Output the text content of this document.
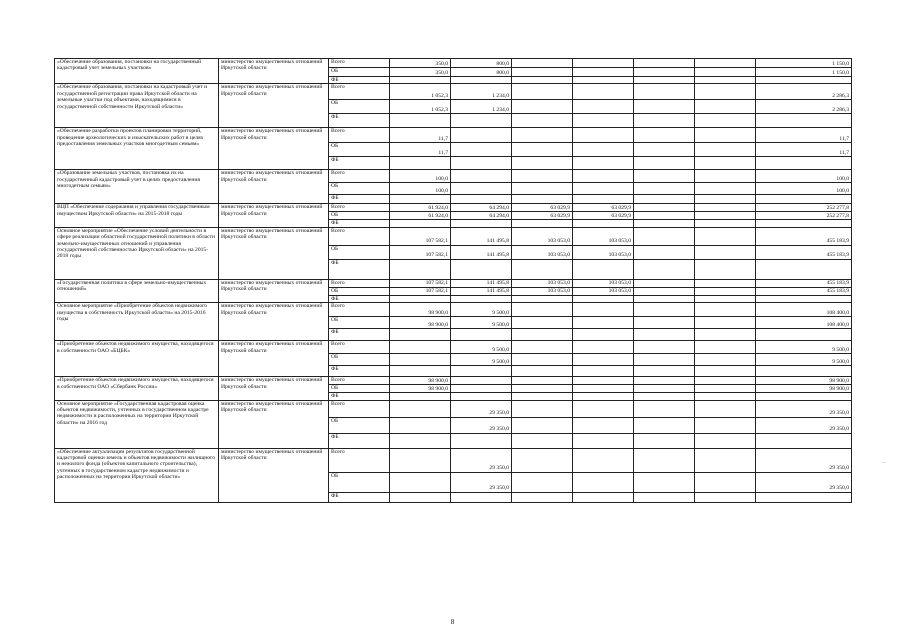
«Обеспечение образования, постановки на государственный кадастровый учет земельных участков»	министерство имущественных отношений Иркутской области	Всего	350,0	800,0					1 150,0
		ОБ	350,0	800,0					1 150,0
		ФБ							
«Обеспечение образования, постановки на кадастровый учет и государственной регистрации права Иркутской области на земельные участки под объектами, находящимися в государственной собственности Иркутской области»	министерство имущественных отношений Иркутской области	Всего	1 052,3	1 234,0					2 286,3
		ОБ	1 052,3	1 234,0					2 286,3
		ФБ							
«Обеспечение разработки проектов планировки территорий, проведение археологических и изыскательских работ в целях предоставления земельных участков многодетным семьям»	министерство имущественных отношений Иркутской области	Всего	11,7						11,7
		ОБ	11,7						11,7
		ФБ							
«Образование земельных участков, постановка их на государственный кадастровый учет в целях предоставления многодетным семьям»	министерство имущественных отношений Иркутской области	Всего	100,0						100,0
		ОБ	100,0						100,0
		ФБ							
ВЦП «Обеспечение содержания и управления государственным имуществом Иркутской области» на 2015-2018 годы	министерство имущественных отношений Иркутской области	Всего	61 924,0	64 294,0	63 029,9	63 029,9			252 277,8
		ОБ	61 924,0	64 294,0	63 029,9	63 029,9			252 277,8
		ФБ							
Основное мероприятие «Обеспечение условий деятельности в сфере реализации областной государственной политики в области земельно-имущественных отношений и управления государственной собственностью Иркутской области» на 2015-2018 годы	министерство имущественных отношений Иркутской области	Всего	107 582,1	141 495,8	103 053,0	103 053,0			455 183,9
		ОБ	107 582,1	141 495,8	103 053,0	103 053,0			455 183,9
		ФБ							
«Государственная политика в сфере земельно-имущественных отношений»	министерство имущественных отношений Иркутской области	Всего	107 582,1	141 495,8	103 053,0	103 053,0			455 183,9
		ОБ	107 582,1	141 495,8	103 053,0	103 053,0			455 183,9
		ФБ							
Основное мероприятие «Приобретение объектов недвижимого имущества в собственность Иркутской области» на 2015-2016 годы	министерство имущественных отношений Иркутской области	Всего	98 900,0	9 500,0					108 400,0
		ОБ	98 900,0	9 500,0					108 400,0
		ФБ							
«Приобретение объектов недвижимого имущества, находящегося в собственности ОАО «БЦБК»	министерство имущественных отношений Иркутской области	Всего		9 500,0					9 500,0
		ОБ		9 500,0					9 500,0
		ФБ							
«Приобретение объектов недвижимого имущества, находящегося в собственности ОАО «Сбербанк России»	министерство имущественных отношений Иркутской области	Всего	98 900,0						98 900,0
		ОБ	98 900,0						98 900,0
		ФБ							
Основное мероприятие «Государственная кадастровая оценка объектов недвижимости, учтенных в государственном кадастре недвижимости и расположенных на территории Иркутской области» на 2016 год	министерство имущественных отношений Иркутской области	Всего		29 350,0					29 350,0
		ОБ		29 350,0					29 350,0
		ФБ							
«Обеспечение актуализации результатов государственной кадастровой оценки земель и объектов недвижимости жилищного и нежилого фонда (объектов капитального строительства), учтенных в государственном кадастре недвижимости и расположенных на территории Иркутской области»	министерство имущественных отношений Иркутской области	Всего		29 350,0					29 350,0
		ОБ		29 350,0					29 350,0
		ФБ							
–
8
